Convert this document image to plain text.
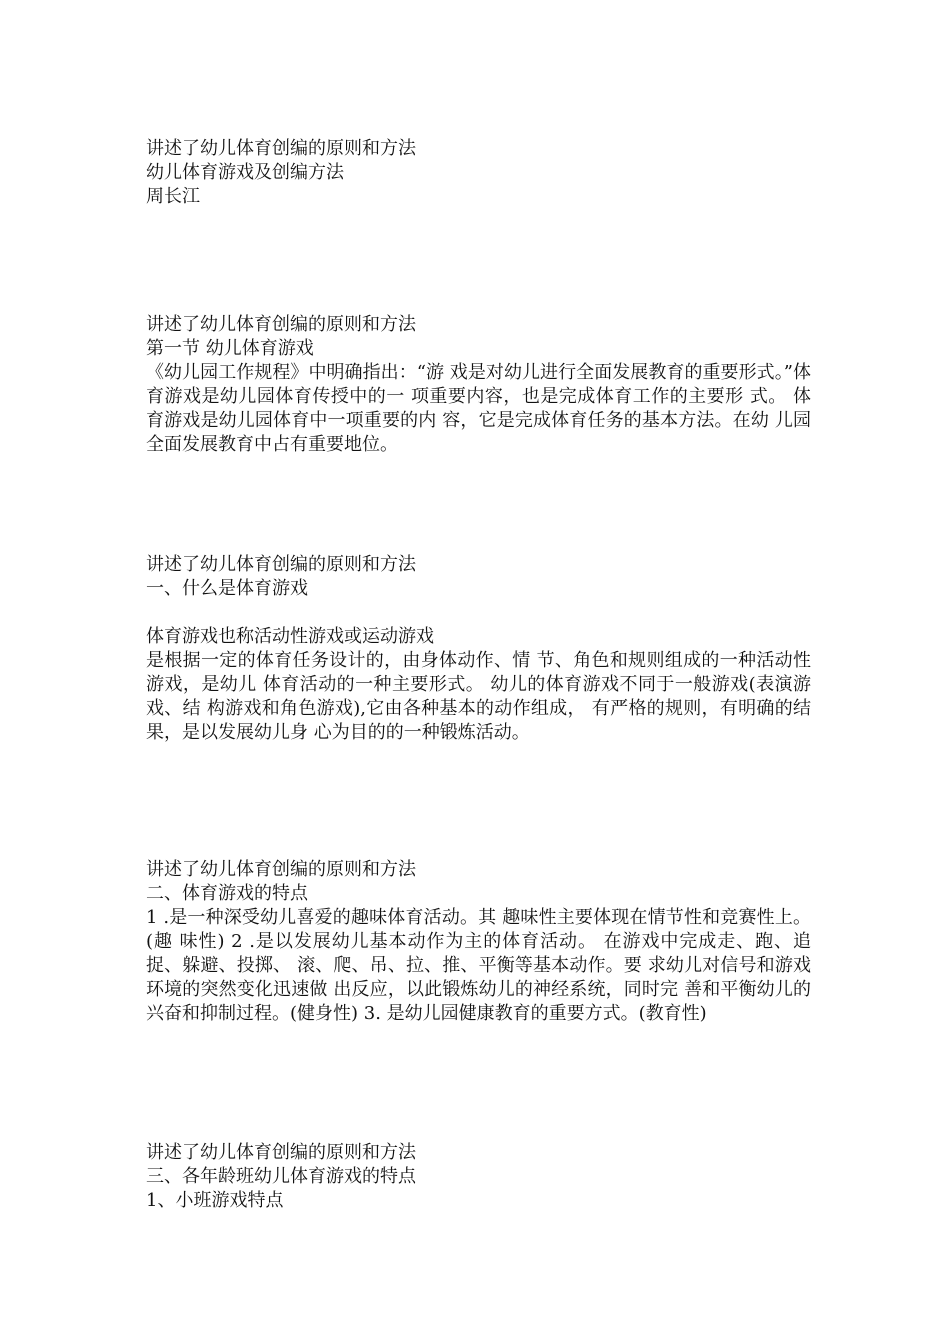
讲述了幼儿体育创编的原则和方法
幼儿体育游戏及创编方法
周长江
讲述了幼儿体育创编的原则和方法
第一节 幼儿体育游戏
《幼儿园工作规程》中明确指出：“游 戏是对幼儿进行全面发展教育的重要形式。”体育游戏是幼儿园体育传授中的一 项重要内容，也是完成体育工作的主要形 式。 体育游戏是幼儿园体育中一项重要的内 容，它是完成体育任务的基本方法。在幼 儿园全面发展教育中占有重要地位。
讲述了幼儿体育创编的原则和方法
一、什么是体育游戏
体育游戏也称活动性游戏或运动游戏
是根据一定的体育任务设计的，由身体动作、情 节、角色和规则组成的一种活动性游戏，是幼儿 体育活动的一种主要形式。 幼儿的体育游戏不同于一般游戏(表演游戏、结 构游戏和角色游戏),它由各种基本的动作组成， 有严格的规则，有明确的结果，是以发展幼儿身 心为目的的一种锻炼活动。
讲述了幼儿体育创编的原则和方法
二、体育游戏的特点
1 .是一种深受幼儿喜爱的趣味体育活动。其 趣味性主要体现在情节性和竞赛性上。(趣 味性) 2 .是以发展幼儿基本动作为主的体育活动。 在游戏中完成走、跑、追捉、躲避、投掷、 滚、爬、吊、拉、推、平衡等基本动作。要 求幼儿对信号和游戏环境的突然变化迅速做 出反应，以此锻炼幼儿的神经系统，同时完 善和平衡幼儿的兴奋和抑制过程。(健身性) 3. 是幼儿园健康教育的重要方式。(教育性)
讲述了幼儿体育创编的原则和方法
三、各年龄班幼儿体育游戏的特点
1、小班游戏特点
